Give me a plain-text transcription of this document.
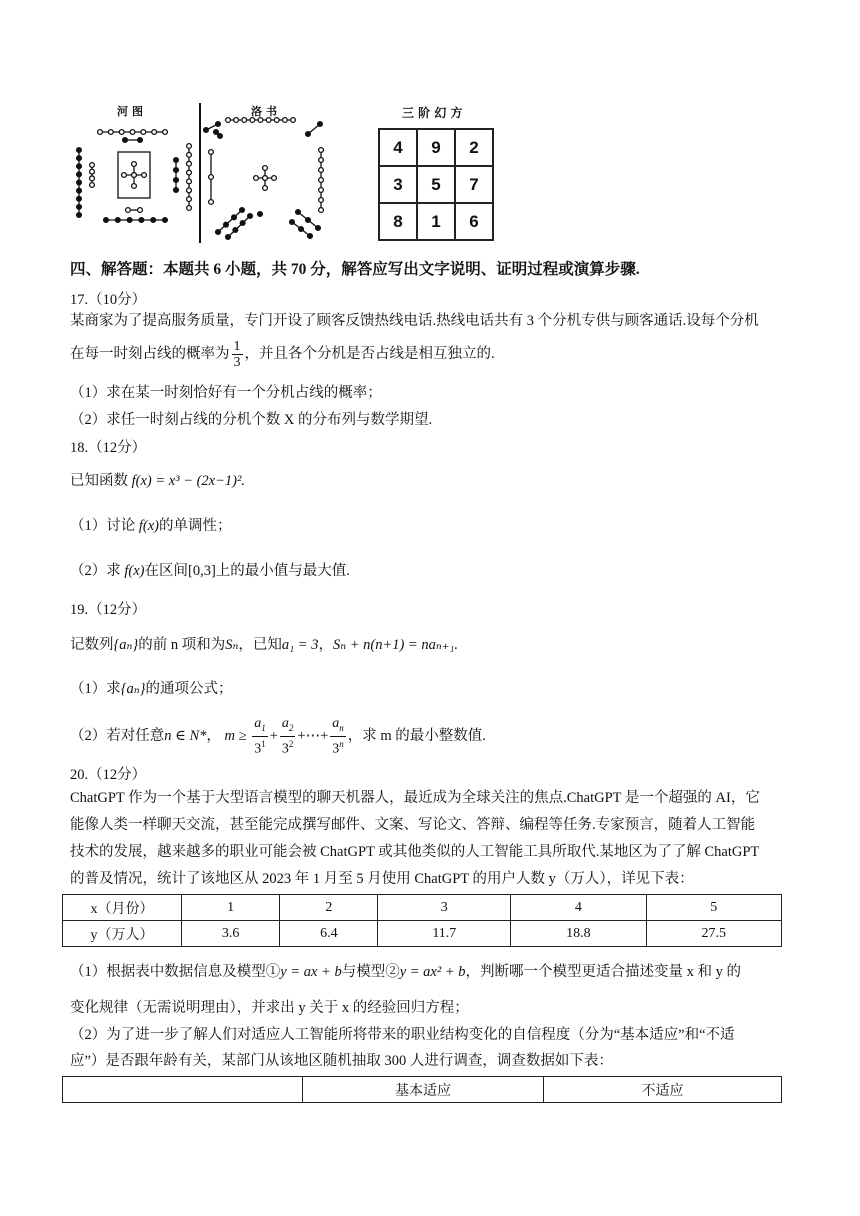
河图	洛书	三 阶 幻 方
4	9	2
3	5	7
8	1	6
四、解答题：本题共 6 小题，共 70 分，解答应写出文字说明、证明过程或演算步骤.
17.（10分）
某商家为了提高服务质量，专门开设了顾客反馈热线电话.热线电话共有 3 个分机专供与顾客通话.设每个分机
在每一时刻占线的概率为 $\frac{1}{3}$ ，并且各个分机是否占线是相互独立的.
（1）求在某一时刻恰好有一个分机占线的概率；
（2）求任一时刻占线的分机个数 X 的分布列与数学期望.
18.（12分）
已知函数 f(x) = x³ − (2x−1)².
（1）讨论 f(x)的单调性；
（2）求 f(x)在区间[0,3]上的最小值与最大值.
19.（12分）
记数列{aₙ}的前 n 项和为Sₙ，已知a₁ = 3，Sₙ + n(n+1) = naₙ₊₁.
（1）求{aₙ}的通项公式；
（2）若对任意n ∈ N*， $m \ge \frac{a_1}{3^1} + \frac{a_2}{3^2}$ +⋯+ $\frac{a_n}{3^n}$ ，求 m 的最小整数值.
20.（12分）
ChatGPT 作为一个基于大型语言模型的聊天机器人，最近成为全球关注的焦点.ChatGPT 是一个超强的 AI，它
能像人类一样聊天交流，甚至能完成撰写邮件、文案、写论文、答辩、编程等任务.专家预言，随着人工智能
技术的发展，越来越多的职业可能会被 ChatGPT 或其他类似的人工智能工具所取代.某地区为了了解 ChatGPT
的普及情况，统计了该地区从 2023 年 1 月至 5 月使用 ChatGPT 的用户人数 y（万人），详见下表：
x（月份）	1	2	3	4	5
y（万人）	3.6	6.4	11.7	18.8	27.5
（1）根据表中数据信息及模型①y = ax + b与模型②y = ax² + b，判断哪一个模型更适合描述变量 x 和 y 的
变化规律（无需说明理由），并求出 y 关于 x 的经验回归方程；
（2）为了进一步了解人们对适应人工智能所将带来的职业结构变化的自信程度（分为“基本适应”和“不适
应”）是否跟年龄有关，某部门从该地区随机抽取 300 人进行调查，调查数据如下表：
	基本适应	不适应
